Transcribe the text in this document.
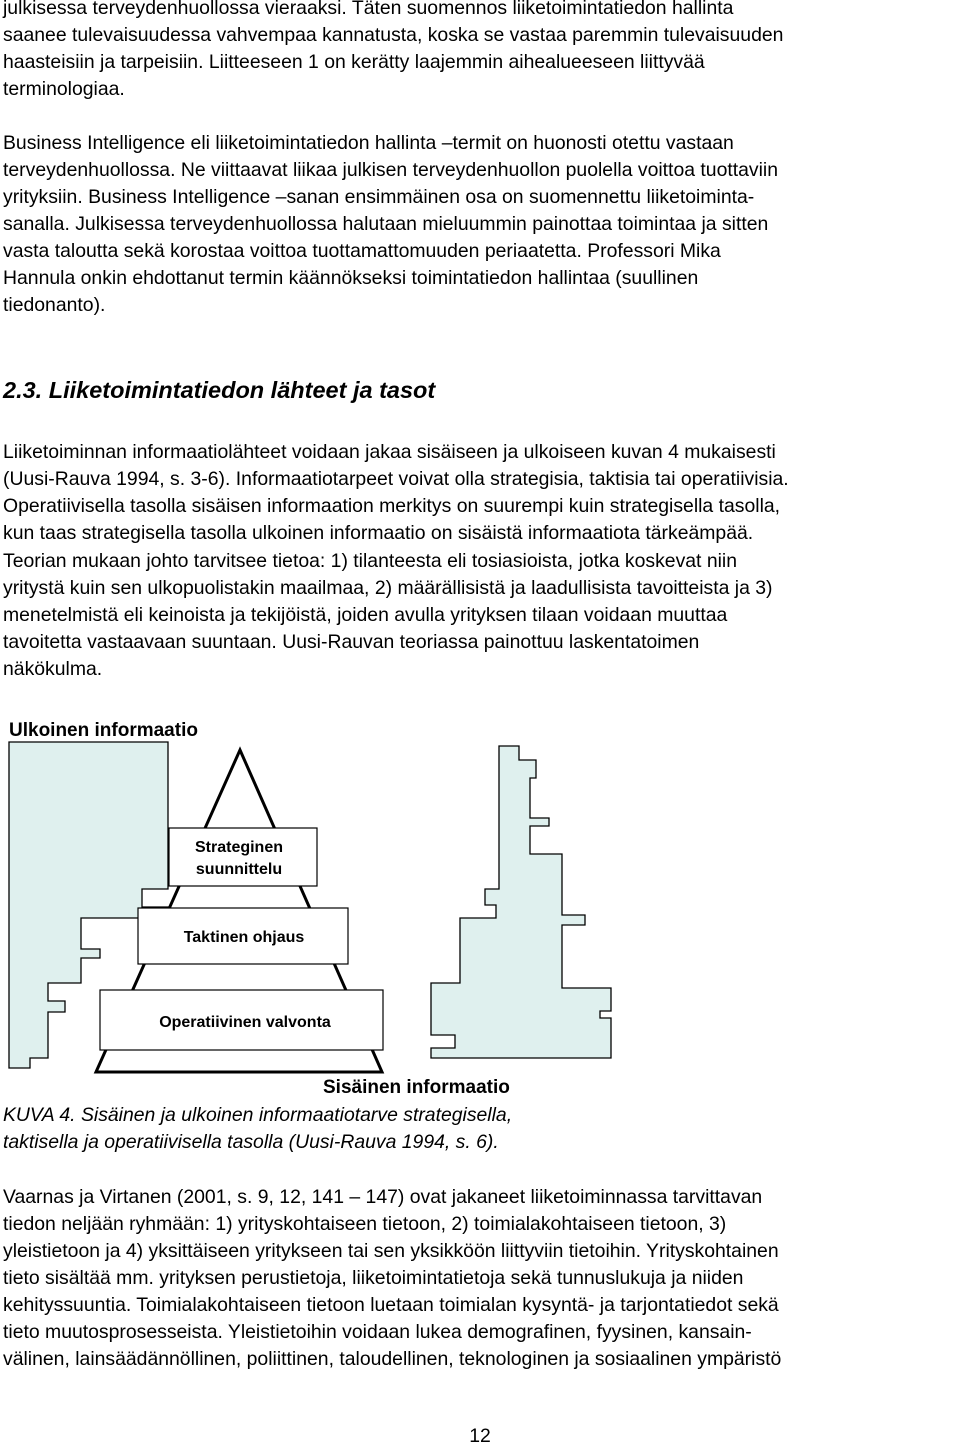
julkisessa terveydenhuollossa vieraaksi. Täten suomennos liiketoimintatiedon hallinta
saanee tulevaisuudessa vahvempaa kannatusta, koska se vastaa paremmin tulevaisuuden
haasteisiin ja tarpeisiin. Liitteeseen 1 on kerätty laajemmin aihealueeseen liittyvää
terminologiaa.
Business Intelligence eli liiketoimintatiedon hallinta –termit on huonosti otettu vastaan
terveydenhuollossa. Ne viittaavat liikaa julkisen terveydenhuollon puolella voittoa tuottaviin
yrityksiin. Business Intelligence –sanan ensimmäinen osa on suomennettu liiketoiminta-
sanalla. Julkisessa terveydenhuollossa halutaan mieluummin painottaa toimintaa ja sitten
vasta taloutta sekä korostaa voittoa tuottamattomuuden periaatetta. Professori Mika
Hannula onkin ehdottanut termin käännökseksi toimintatiedon hallintaa (suullinen
tiedonanto).
2.3. Liiketoimintatiedon lähteet ja tasot
Liiketoiminnan informaatiolähteet voidaan jakaa sisäiseen ja ulkoiseen kuvan 4 mukaisesti
(Uusi-Rauva 1994, s. 3-6). Informaatiotarpeet voivat olla strategisia, taktisia tai operatiivisia.
Operatiivisella tasolla sisäisen informaation merkitys on suurempi kuin strategisella tasolla,
kun taas strategisella tasolla ulkoinen informaatio on sisäistä informaatiota tärkeämpää.
Teorian mukaan johto tarvitsee tietoa: 1) tilanteesta eli tosiasioista, jotka koskevat niin
yritystä kuin sen ulkopuolistakin maailmaa, 2) määrällisistä ja laadullisista tavoitteista ja 3)
menetelmistä eli keinoista ja tekijöistä, joiden avulla yrityksen tilaan voidaan muuttaa
tavoitetta vastaavaan suuntaan. Uusi-Rauvan teoriassa painottuu laskentatoimen
näkökulma.
Ulkoinen informaatio
Strateginen
suunnittelu
Taktinen ohjaus
Operatiivinen valvonta
Sisäinen informaatio
KUVA 4. Sisäinen ja ulkoinen informaatiotarve strategisella,
taktisella ja operatiivisella tasolla (Uusi-Rauva 1994, s. 6).
Vaarnas ja Virtanen (2001, s. 9, 12, 141 – 147) ovat jakaneet liiketoiminnassa tarvittavan
tiedon neljään ryhmään: 1) yrityskohtaiseen tietoon, 2) toimialakohtaiseen tietoon, 3)
yleistietoon ja 4) yksittäiseen yritykseen tai sen yksikköön liittyviin tietoihin. Yrityskohtainen
tieto sisältää mm. yrityksen perustietoja, liiketoimintatietoja sekä tunnuslukuja ja niiden
kehityssuuntia. Toimialakohtaiseen tietoon luetaan toimialan kysyntä- ja tarjontatiedot sekä
tieto muutosprosesseista. Yleistietoihin voidaan lukea demografinen, fyysinen, kansain-
välinen, lainsäädännöllinen, poliittinen, taloudellinen, teknologinen ja sosiaalinen ympäristö
12
